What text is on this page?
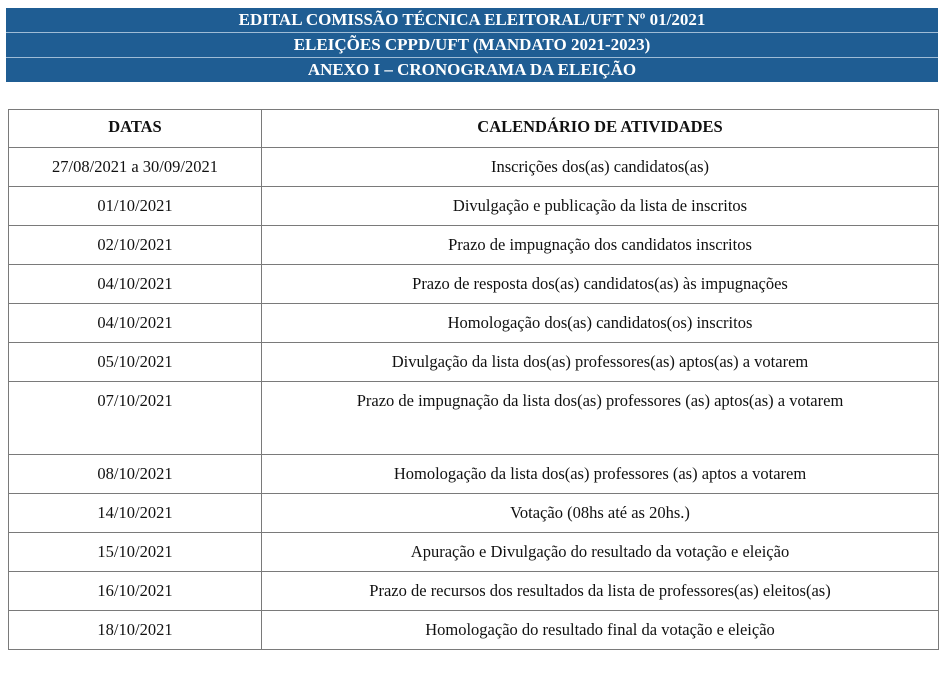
EDITAL COMISSÃO TÉCNICA ELEITORAL/UFT Nº 01/2021
ELEIÇÕES CPPD/UFT (MANDATO 2021-2023)
ANEXO I – CRONOGRAMA DA ELEIÇÃO
DATAS	CALENDÁRIO DE ATIVIDADES
27/08/2021 a 30/09/2021	Inscrições dos(as) candidatos(as)
01/10/2021	Divulgação e publicação da lista de inscritos
02/10/2021	Prazo de impugnação dos candidatos inscritos
04/10/2021	Prazo de resposta dos(as) candidatos(as) às impugnações
04/10/2021	Homologação dos(as) candidatos(os) inscritos
05/10/2021	Divulgação da lista dos(as) professores(as) aptos(as) a votarem
07/10/2021	Prazo de impugnação da lista dos(as) professores (as) aptos(as) a votarem
08/10/2021	Homologação da lista dos(as) professores (as) aptos a votarem
14/10/2021	Votação (08hs até as 20hs.)
15/10/2021	Apuração e Divulgação do resultado da votação e eleição
16/10/2021	Prazo de recursos dos resultados da lista de professores(as) eleitos(as)
18/10/2021	Homologação do resultado final da votação e eleição
